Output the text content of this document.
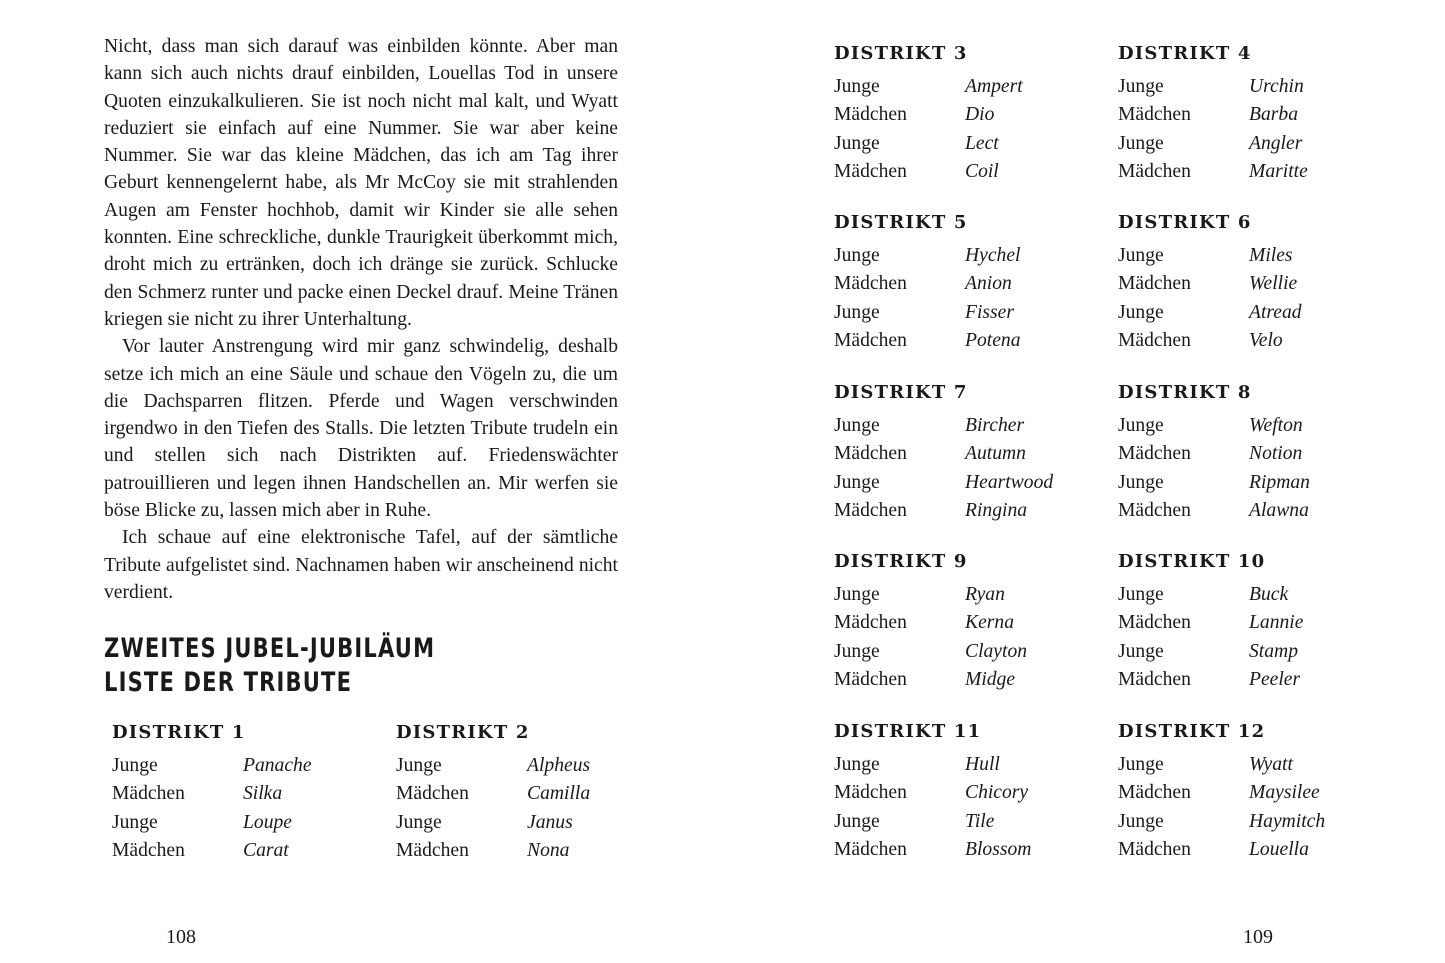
Nicht, dass man sich darauf was einbilden könnte. Aber man kann sich auch nichts drauf einbilden, Louellas Tod in unsere Quoten einzukalkulieren. Sie ist noch nicht mal kalt, und Wyatt reduziert sie einfach auf eine Nummer. Sie war aber keine Nummer. Sie war das kleine Mädchen, das ich am Tag ihrer Geburt kennengelernt habe, als Mr McCoy sie mit strahlenden Augen am Fenster hochhob, damit wir Kinder sie alle sehen konnten. Eine schreckliche, dunkle Traurigkeit überkommt mich, droht mich zu ertränken, doch ich dränge sie zurück. Schlucke den Schmerz runter und packe einen Deckel drauf. Meine Tränen kriegen sie nicht zu ihrer Unterhaltung.

Vor lauter Anstrengung wird mir ganz schwindelig, deshalb setze ich mich an eine Säule und schaue den Vögeln zu, die um die Dachsparren flitzen. Pferde und Wagen verschwinden irgendwo in den Tiefen des Stalls. Die letzten Tribute trudeln ein und stellen sich nach Distrikten auf. Friedenswächter patrouillieren und legen ihnen Handschellen an. Mir werfen sie böse Blicke zu, lassen mich aber in Ruhe.

Ich schaue auf eine elektronische Tafel, auf der sämtliche Tribute aufgelistet sind. Nachnamen haben wir anscheinend nicht verdient.

ZWEITES JUBEL-JUBILÄUM
LISTE DER TRIBUTE
DISTRIKT 1
Junge	Panache
Mädchen	Silka
Junge	Loupe
Mädchen	Carat
DISTRIKT 2
Junge	Alpheus
Mädchen	Camilla
Junge	Janus
Mädchen	Nona
108
DISTRIKT 3
Junge	Ampert
Mädchen	Dio
Junge	Lect
Mädchen	Coil
DISTRIKT 4
Junge	Urchin
Mädchen	Barba
Junge	Angler
Mädchen	Maritte
DISTRIKT 5
Junge	Hychel
Mädchen	Anion
Junge	Fisser
Mädchen	Potena
DISTRIKT 6
Junge	Miles
Mädchen	Wellie
Junge	Atread
Mädchen	Velo
DISTRIKT 7
Junge	Bircher
Mädchen	Autumn
Junge	Heartwood
Mädchen	Ringina
DISTRIKT 8
Junge	Wefton
Mädchen	Notion
Junge	Ripman
Mädchen	Alawna
DISTRIKT 9
Junge	Ryan
Mädchen	Kerna
Junge	Clayton
Mädchen	Midge
DISTRIKT 10
Junge	Buck
Mädchen	Lannie
Junge	Stamp
Mädchen	Peeler
DISTRIKT 11
Junge	Hull
Mädchen	Chicory
Junge	Tile
Mädchen	Blossom
DISTRIKT 12
Junge	Wyatt
Mädchen	Maysilee
Junge	Haymitch
Mädchen	Louella
109
